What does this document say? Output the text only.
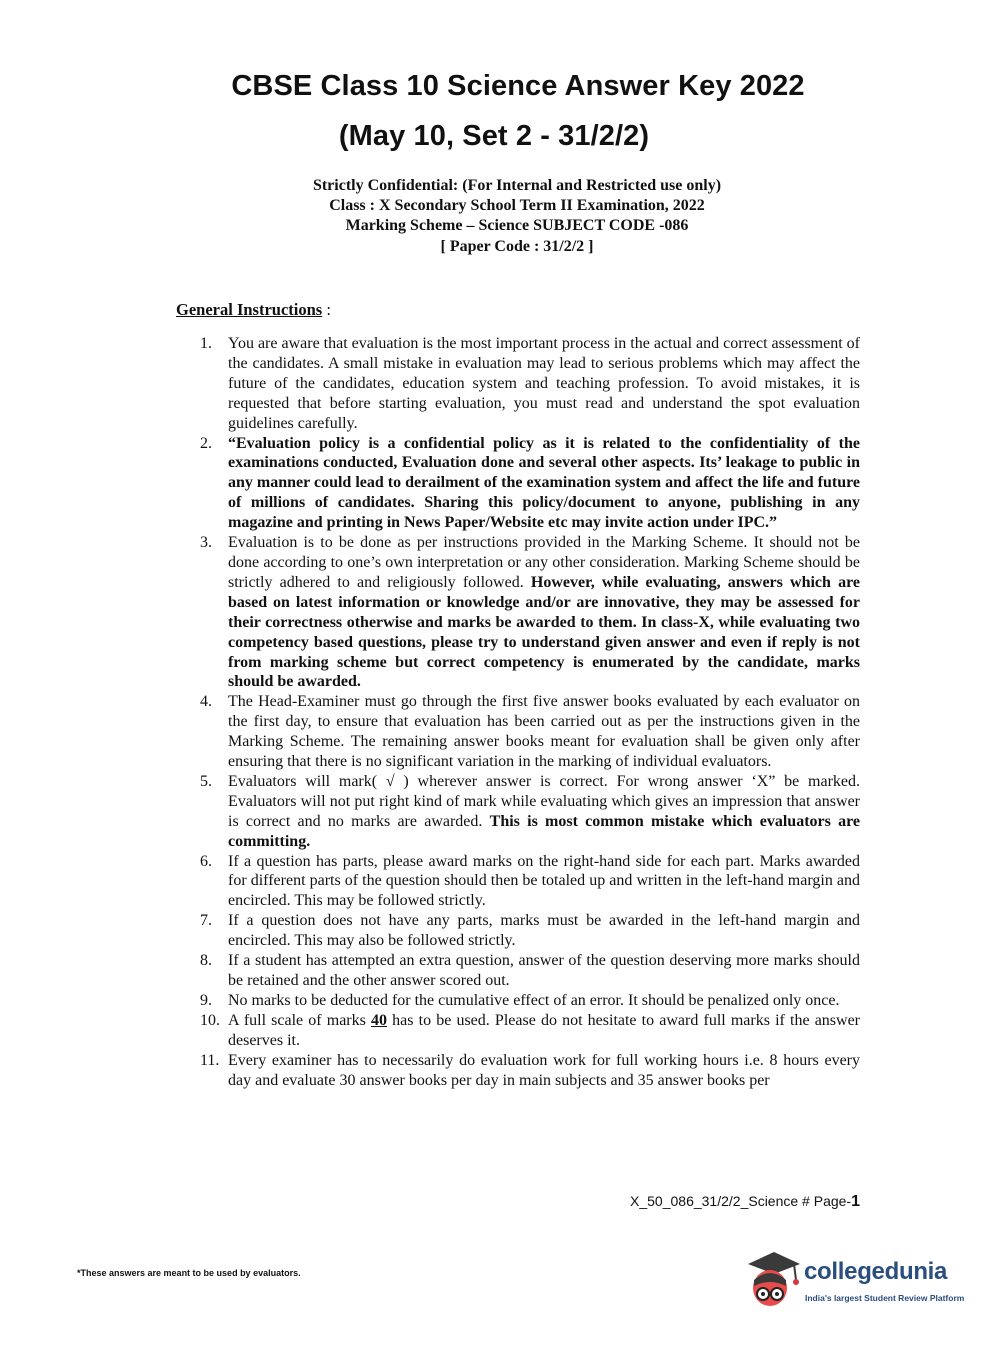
CBSE Class 10 Science Answer Key 2022
(May 10, Set 2 - 31/2/2)
Strictly Confidential: (For Internal and Restricted use only)
Class : X Secondary School Term II Examination, 2022
Marking Scheme – Science SUBJECT CODE -086
[ Paper Code : 31/2/2 ]
General Instructions :
1.	You are aware that evaluation is the most important process in the actual and correct assessment of the candidates. A small mistake in evaluation may lead to serious problems which may affect the future of the candidates, education system and teaching profession. To avoid mistakes, it is requested that before starting evaluation, you must read and understand the spot evaluation guidelines carefully.
2.	“Evaluation policy is a confidential policy as it is related to the confidentiality of the examinations conducted, Evaluation done and several other aspects. Its’ leakage to public in any manner could lead to derailment of the examination system and affect the life and future of millions of candidates. Sharing this policy/document to anyone, publishing in any magazine and printing in News Paper/Website etc may invite action under IPC.”
3.	Evaluation is to be done as per instructions provided in the Marking Scheme. It should not be done according to one’s own interpretation or any other consideration. Marking Scheme should be strictly adhered to and religiously followed. However, while evaluating, answers which are based on latest information or knowledge and/or are innovative, they may be assessed for their correctness otherwise and marks be awarded to them. In class-X, while evaluating two competency based questions, please try to understand given answer and even if reply is not from marking scheme but correct competency is enumerated by the candidate, marks should be awarded.
4.	The Head-Examiner must go through the first five answer books evaluated by each evaluator on the first day, to ensure that evaluation has been carried out as per the instructions given in the Marking Scheme. The remaining answer books meant for evaluation shall be given only after ensuring that there is no significant variation in the marking of individual evaluators.
5.	Evaluators will mark( √ ) wherever answer is correct. For wrong answer ‘X” be marked. Evaluators will not put right kind of mark while evaluating which gives an impression that answer is correct and no marks are awarded. This is most common mistake which evaluators are committing.
6.	If a question has parts, please award marks on the right-hand side for each part. Marks awarded for different parts of the question should then be totaled up and written in the left-hand margin and encircled. This may be followed strictly.
7.	If a question does not have any parts, marks must be awarded in the left-hand margin and encircled. This may also be followed strictly.
8.	If a student has attempted an extra question, answer of the question deserving more marks should be retained and the other answer scored out.
9.	No marks to be deducted for the cumulative effect of an error. It should be penalized only once.
10. A full scale of marks 40 has to be used. Please do not hesitate to award full marks if the answer deserves it.
11. Every examiner has to necessarily do evaluation work for full working hours i.e. 8 hours every day and evaluate 30 answer books per day in main subjects and 35 answer books per
X_50_086_31/2/2_Science # Page-1
*These answers are meant to be used by evaluators.	collegedunia
India's largest Student Review Platform
